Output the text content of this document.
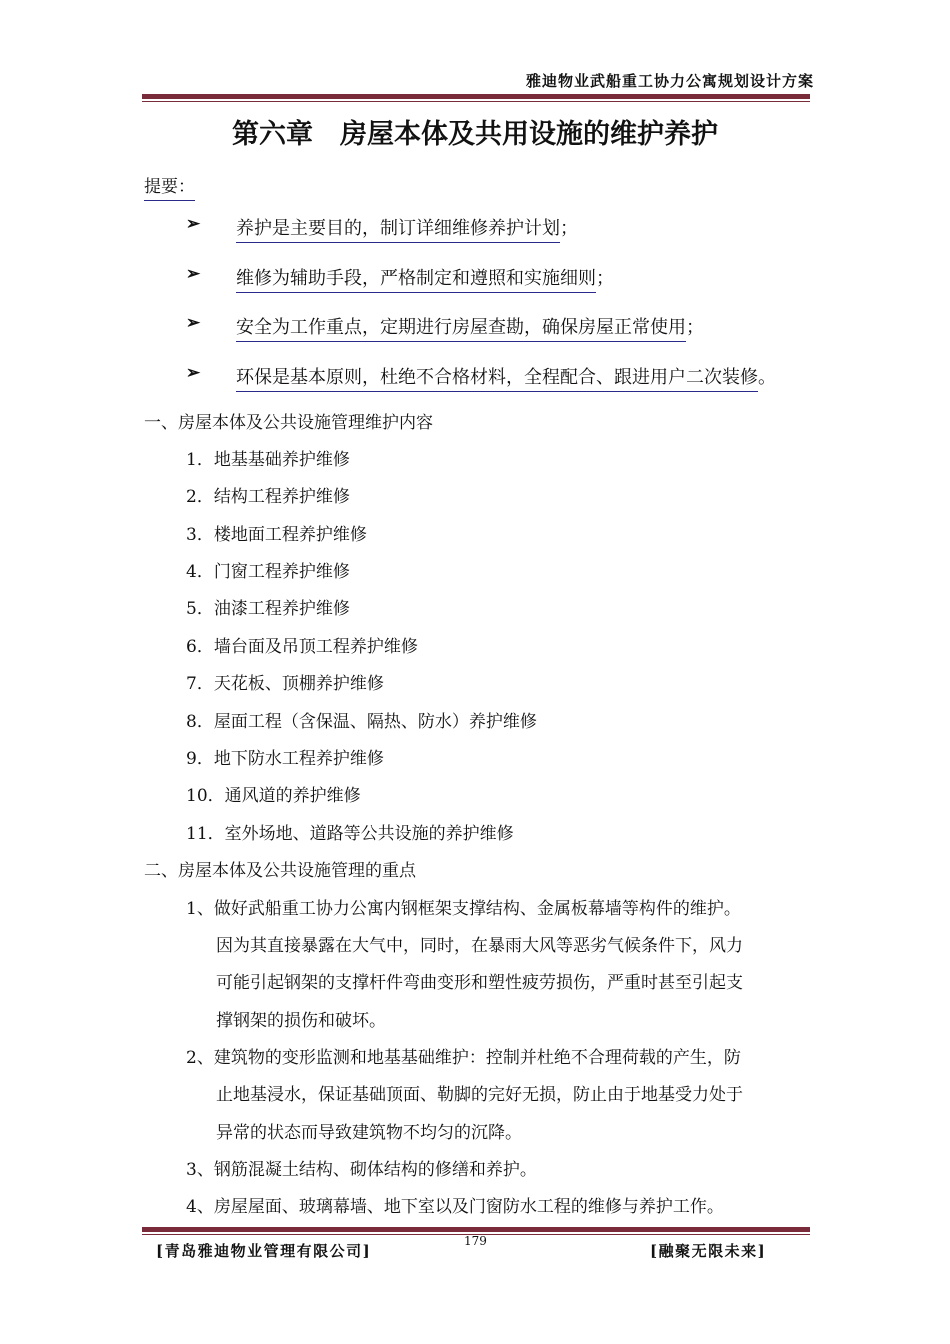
雅迪物业武船重工协力公寓规划设计方案
第六章　房屋本体及共用设施的维护养护
提要：
➢ 养护是主要目的，制订详细维修养护计划；
➢ 维修为辅助手段，严格制定和遵照和实施细则；
➢ 安全为工作重点，定期进行房屋查勘，确保房屋正常使用；
➢ 环保是基本原则，杜绝不合格材料，全程配合、跟进用户二次装修。
一、房屋本体及公共设施管理维护内容
1．地基基础养护维修
2．结构工程养护维修
3．楼地面工程养护维修
4．门窗工程养护维修
5．油漆工程养护维修
6．墙台面及吊顶工程养护维修
7．天花板、顶棚养护维修
8．屋面工程（含保温、隔热、防水）养护维修
9．地下防水工程养护维修
10．通风道的养护维修
11．室外场地、道路等公共设施的养护维修
二、房屋本体及公共设施管理的重点
1、做好武船重工协力公寓内钢框架支撑结构、金属板幕墙等构件的维护。
因为其直接暴露在大气中，同时，在暴雨大风等恶劣气候条件下，风力
可能引起钢架的支撑杆件弯曲变形和塑性疲劳损伤，严重时甚至引起支
撑钢架的损伤和破坏。
2、建筑物的变形监测和地基基础维护：控制并杜绝不合理荷载的产生，防
止地基浸水，保证基础顶面、勒脚的完好无损，防止由于地基受力处于
异常的状态而导致建筑物不均匀的沉降。
3、钢筋混凝土结构、砌体结构的修缮和养护。
4、房屋屋面、玻璃幕墙、地下室以及门窗防水工程的维修与养护工作。
179
[青岛雅迪物业管理有限公司]	[融聚无限未来]
